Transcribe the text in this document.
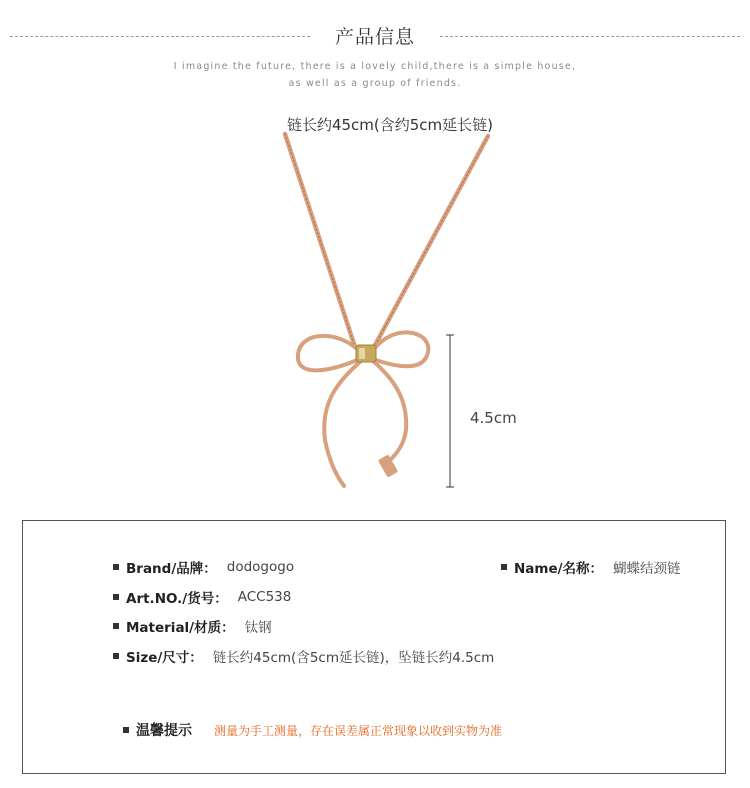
产品信息
I imagine the future, there is a lovely child,there is a simple house,
as well as a group of friends.
链长约45cm(含约5cm延长链)
4.5cm
Brand/品牌： dodogogo	Name/名称： 蝴蝶结颈链
Art.NO./货号： ACC538
Material/材质： 钛钢
Size/尺寸： 链长约45cm(含5cm延长链)，坠链长约4.5cm
温馨提示 测量为手工测量，存在误差属正常现象以收到实物为准
